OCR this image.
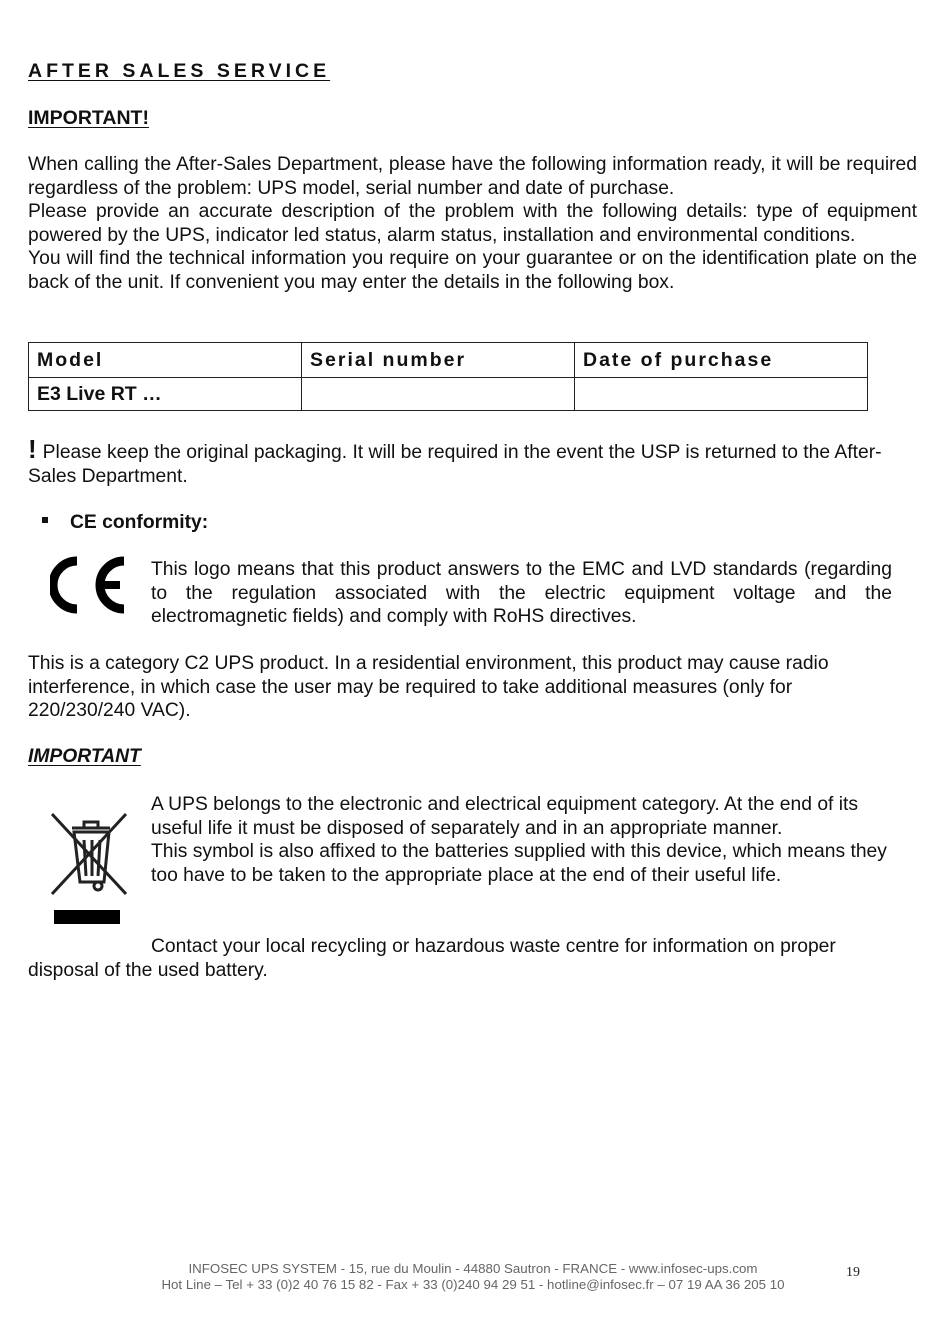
AFTER SALES SERVICE
IMPORTANT!
When calling the After-Sales Department, please have the following information ready, it will be required regardless of the problem: UPS model, serial number and date of purchase.
Please provide an accurate description of the problem with the following details: type of equipment powered by the UPS, indicator led status, alarm status, installation and environmental conditions.
You will find the technical information you require on your guarantee or on the identification plate on the back of the unit. If convenient you may enter the details in the following box.
Model	Serial number	Date of purchase
E3 Live RT …		
! Please keep the original packaging. It will be required in the event the USP is returned to the After-Sales Department.
CE conformity:
This logo means that this product answers to the EMC and LVD standards (regarding to the regulation associated with the electric equipment voltage and the electromagnetic fields) and comply with RoHS directives.
This is a category C2 UPS product. In a residential environment, this product may cause radio interference, in which case the user may be required to take additional measures (only for 220/230/240 VAC).
IMPORTANT
A UPS belongs to the electronic and electrical equipment category. At the end of its useful life it must be disposed of separately and in an appropriate manner.
This symbol is also affixed to the batteries supplied with this device, which means they too have to be taken to the appropriate place at the end of their useful life.
Contact your local recycling or hazardous waste centre for information on proper disposal of the used battery.
INFOSEC UPS SYSTEM - 15, rue du Moulin - 44880 Sautron - FRANCE - www.infosec-ups.com
Hot Line – Tel + 33 (0)2 40 76 15 82 - Fax + 33 (0)240 94 29 51 - hotline@infosec.fr – 07 19 AA 36 205 10
19
